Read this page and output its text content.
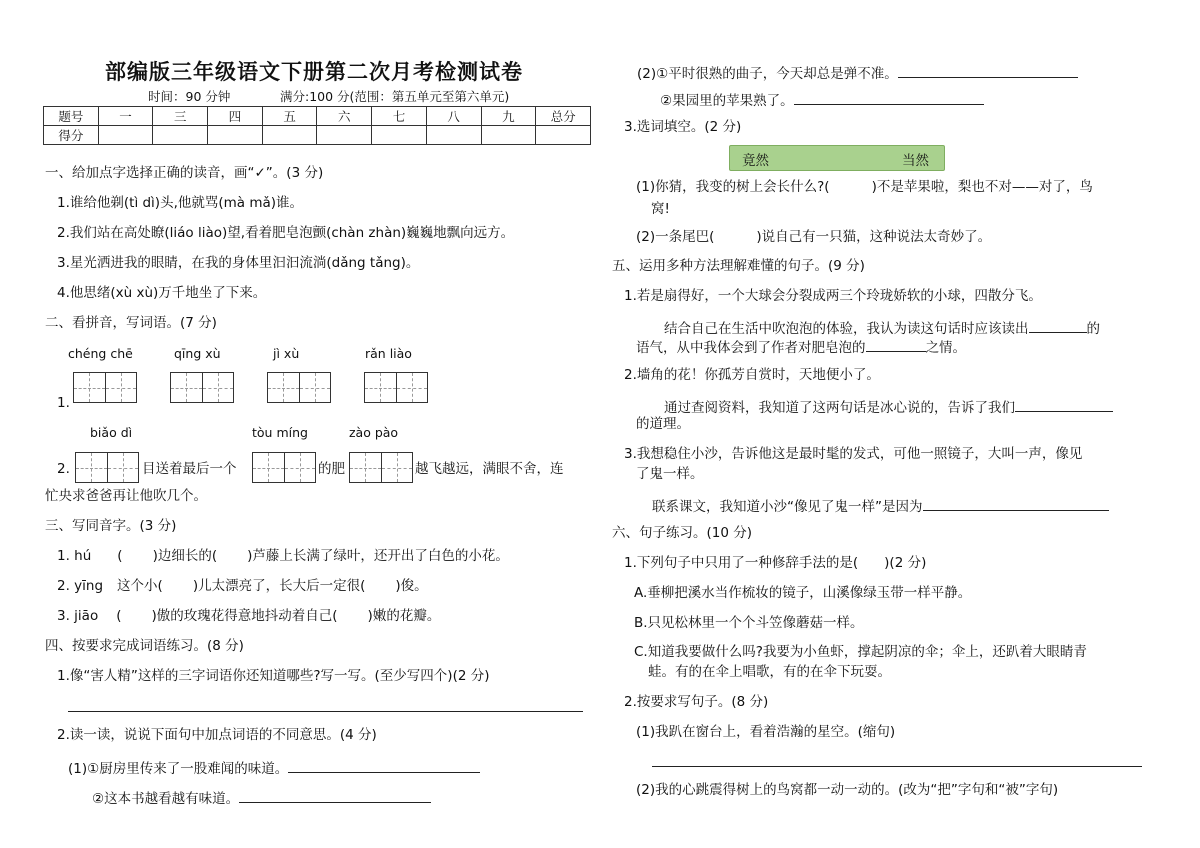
部编版三年级语文下册第二次月考检测试卷
时间：90 分钟	满分:100 分(范围：第五单元至第六单元)
题号	一	三	四	五	六	七	八	九	总分
得分									
一、给加点字选择正确的读音，画“✓”。(3 分)
1.谁给他剃(tì dì)头,他就骂(mà mǎ)谁。
2.我们站在高处瞭(liáo liào)望,看着肥皂泡颤(chàn zhàn)巍巍地飘向远方。
3.星光洒进我的眼睛，在我的身体里汩汩流淌(dǎng tǎng)。
4.他思绪(xù xù)万千地坐了下来。
二、看拼音，写词语。(7 分)
chéng chē	qīng xù	jì xù	rǎn liào
1.
biǎo dì	tòu míng	zào pào
2.	目送着最后一个	的肥	越飞越远，满眼不舍，连
忙央求爸爸再让他吹几个。
三、写同音字。(3 分)
1. hú ( )边细长的( )芦藤上长满了绿叶，还开出了白色的小花。
2. yīng 这个小( )儿太漂亮了，长大后一定很( )俊。
3. jiāo ( )傲的玫瑰花得意地抖动着自己( )嫩的花瓣。
四、按要求完成词语练习。(8 分)
1.像“害人精”这样的三字词语你还知道哪些?写一写。(至少写四个)(2 分)
2.读一读，说说下面句中加点词语的不同意思。(4 分)
(1)①厨房里传来了一股难闻的味道。
②这本书越看越有味道。
(2)①平时很熟的曲子，今天却总是弹不准。
②果园里的苹果熟了。
3.选词填空。(2 分)
竟然	当然
(1)你猜，我变的树上会长什么?(	)不是苹果啦，梨也不对——对了，鸟
窝!
(2)一条尾巴(	)说自己有一只猫，这种说法太奇妙了。
五、运用多种方法理解难懂的句子。(9 分)
1.若是扇得好，一个大球会分裂成两三个玲珑娇软的小球，四散分飞。
结合自己在生活中吹泡泡的体验，我认为读这句话时应该读出	的
语气，从中我体会到了作者对肥皂泡的	之情。
2.墙角的花！你孤芳自赏时，天地便小了。
通过查阅资料，我知道了这两句话是冰心说的，告诉了我们
的道理。
3.我想稳住小沙，告诉他这是最时髦的发式，可他一照镜子，大叫一声，像见
了鬼一样。
联系课文，我知道小沙“像见了鬼一样”是因为
六、句子练习。(10 分)
1.下列句子中只用了一种修辞手法的是( )(2 分)
A.垂柳把溪水当作梳妆的镜子，山溪像绿玉带一样平静。
B.只见松林里一个个斗笠像蘑菇一样。
C.知道我要做什么吗?我要为小鱼虾，撑起阴凉的伞；伞上，还趴着大眼睛青
蛙。有的在伞上唱歌，有的在伞下玩耍。
2.按要求写句子。(8 分)
(1)我趴在窗台上，看着浩瀚的星空。(缩句)
(2)我的心跳震得树上的鸟窝都一动一动的。(改为“把”字句和“被”字句)
